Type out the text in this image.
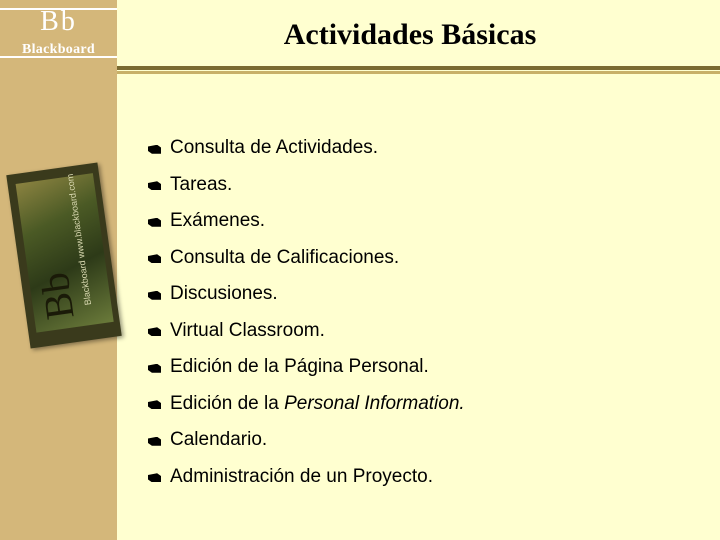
Bb
Blackboard
Bb
Blackboard www.blackboard.com
Actividades Básicas
Consulta de Actividades.
Tareas.
Exámenes.
Consulta de Calificaciones.
Discusiones.
Virtual Classroom.
Edición de la Página Personal.
Edición de la Personal Information.
Calendario.
Administración de un Proyecto.
